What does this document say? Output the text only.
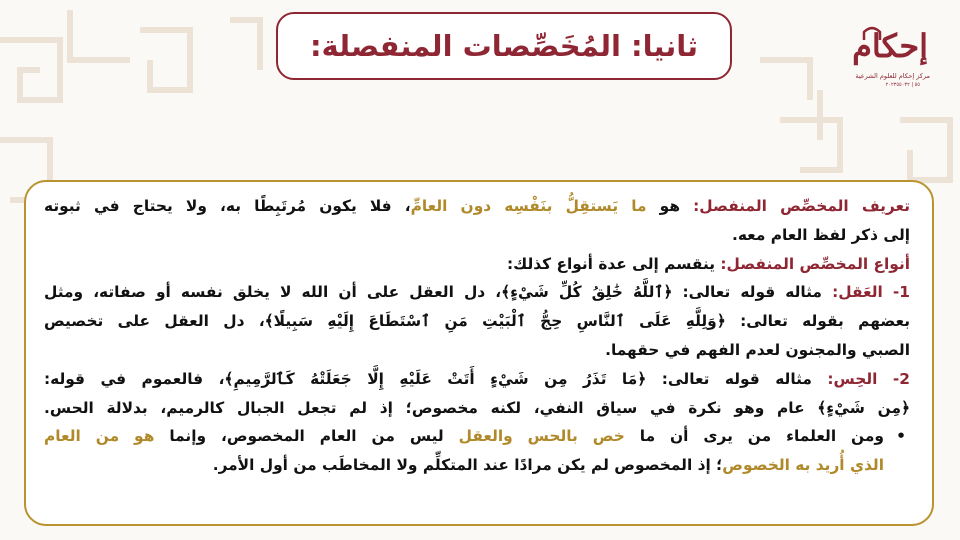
ثانيا: المُخَصِّصات المنفصلة:	إحكام
مركز إحكام للعلوم الشرعية
٥٥ | ٢٠٢٣٥٥٠٣٢
تعريف المخصِّص المنفصل: هو ما يَستقِلُّ بنَفْسِه دون العامِّ، فلا يكون مُرتَبِطًا به، ولا يحتاج في ثبوته
إلى ذكر لفظ العام معه.
أنواع المخصِّص المنفصل: ينقسم إلى عدة أنواع كذلك:
1- العَقل: مثاله قوله تعالى: ﴿ٱللَّهُ خَٰلِقُ كُلِّ شَيْءٍ﴾، دل العقل على أن الله لا يخلق نفسه أو صفاته، ومثل
بعضهم بقوله تعالى: ﴿وَلِلَّهِ عَلَى ٱلنَّاسِ حِجُّ ٱلْبَيْتِ مَنِ ٱسْتَطَاعَ إِلَيْهِ سَبِيلًا﴾، دل العقل على تخصيص
الصبي والمجنون لعدم الفهم في حقهما.
2- الحِس: مثاله قوله تعالى: ﴿مَا تَذَرُ مِن شَيْءٍ أَتَتْ عَلَيْهِ إِلَّا جَعَلَتْهُ كَٱلرَّمِيمِ﴾، فالعموم في قوله:
﴿مِن شَيْءٍ﴾ عام وهو نكرة في سياق النفي، لكنه مخصوص؛ إذ لم تجعل الجبال كالرميم، بدلالة الحس.
•
ومن العلماء من يرى أن ما خص بالحس والعقل ليس من العام المخصوص، وإنما هو من العام
الذي أُريد به الخصوص؛ إذ المخصوص لم يكن مرادًا عند المتكلِّم ولا المخاطَب من أول الأمر.
